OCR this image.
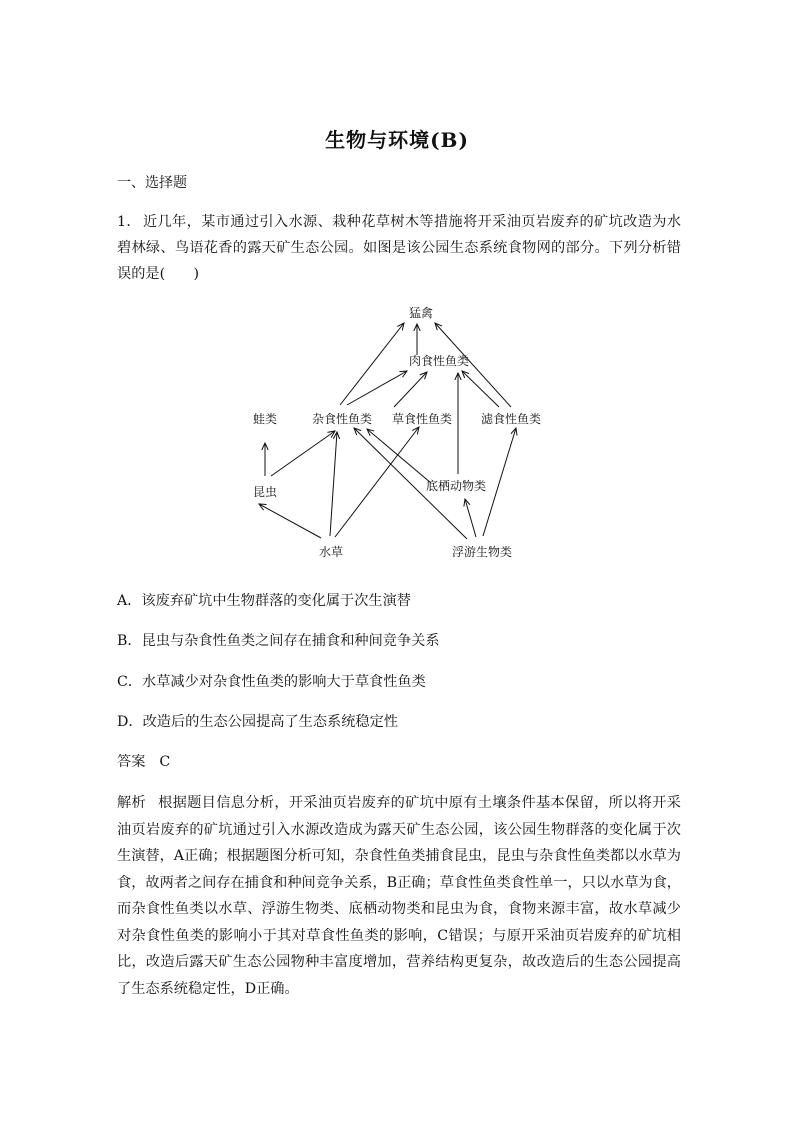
生物与环境(B)
一、选择题
1． 近几年，某市通过引入水源、栽种花草树木等措施将开采油页岩废弃的矿坑改造为水碧林绿、鸟语花香的露天矿生态公园。如图是该公园生态系统食物网的部分。下列分析错误的是(　　)
猛禽
肉食性鱼类
蛙类	杂食性鱼类 草食性鱼类 滤食性鱼类
底栖动物类
昆虫
水草	浮游生物类
A．该废弃矿坑中生物群落的变化属于次生演替
B．昆虫与杂食性鱼类之间存在捕食和种间竞争关系
C．水草减少对杂食性鱼类的影响大于草食性鱼类
D．改造后的生态公园提高了生态系统稳定性
答案 C
解析 根据题目信息分析，开采油页岩废弃的矿坑中原有土壤条件基本保留，所以将开采油页岩废弃的矿坑通过引入水源改造成为露天矿生态公园，该公园生物群落的变化属于次生演替，A正确；根据题图分析可知，杂食性鱼类捕食昆虫，昆虫与杂食性鱼类都以水草为食，故两者之间存在捕食和种间竞争关系，B正确；草食性鱼类食性单一，只以水草为食，而杂食性鱼类以水草、浮游生物类、底栖动物类和昆虫为食，食物来源丰富，故水草减少对杂食性鱼类的影响小于其对草食性鱼类的影响，C错误；与原开采油页岩废弃的矿坑相比，改造后露天矿生态公园物种丰富度增加，营养结构更复杂，故改造后的生态公园提高了生态系统稳定性，D正确。
